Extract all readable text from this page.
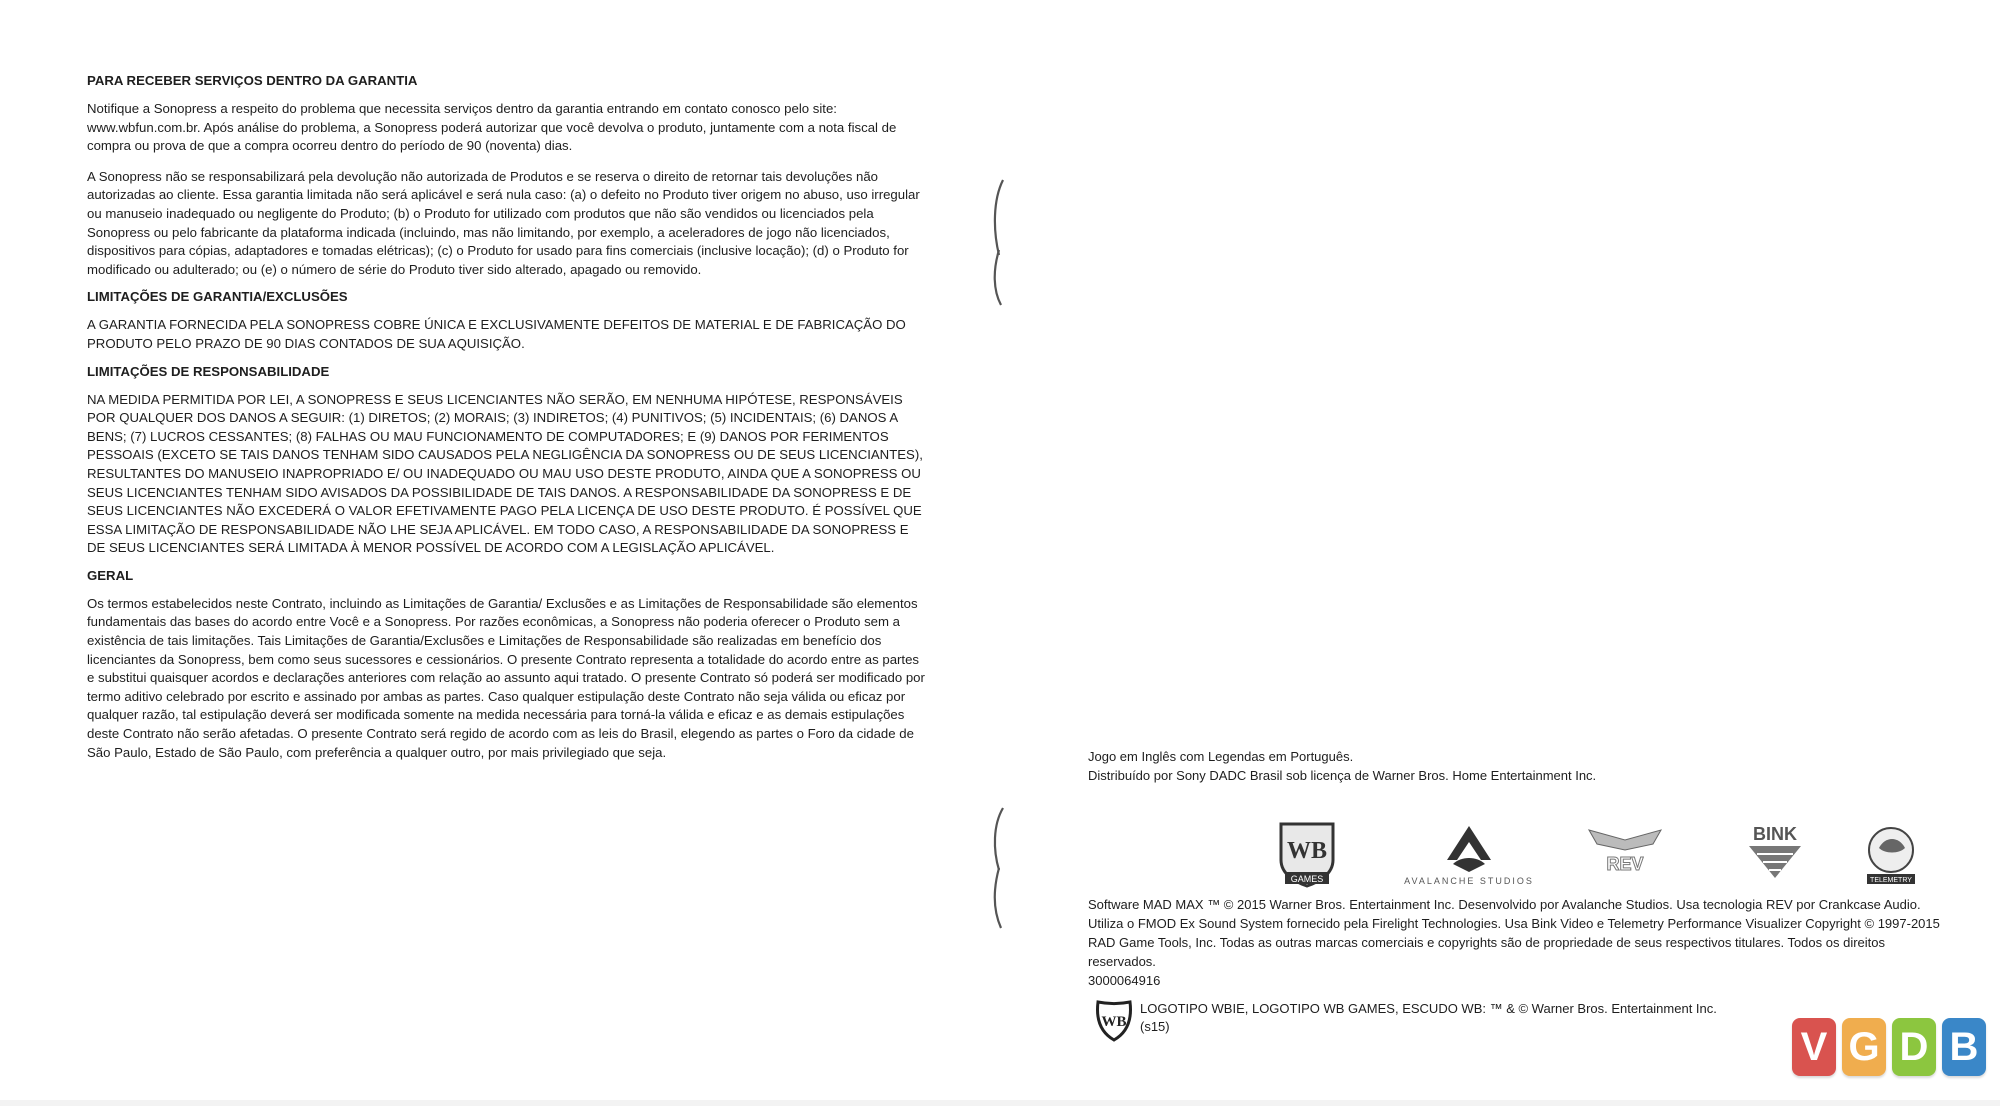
PARA RECEBER SERVIÇOS DENTRO DA GARANTIA

Notifique a Sonopress a respeito do problema que necessita serviços dentro da garantia entrando em contato conosco pelo site: www.wbfun.com.br. Após análise do problema, a Sonopress poderá autorizar que você devolva o produto, juntamente com a nota fiscal de compra ou prova de que a compra ocorreu dentro do período de 90 (noventa) dias.

A Sonopress não se responsabilizará pela devolução não autorizada de Produtos e se reserva o direito de retornar tais devoluções não autorizadas ao cliente. Essa garantia limitada não será aplicável e será nula caso: (a) o defeito no Produto tiver origem no abuso, uso irregular ou manuseio inadequado ou negligente do Produto; (b) o Produto for utilizado com produtos que não são vendidos ou licenciados pela Sonopress ou pelo fabricante da plataforma indicada (incluindo, mas não limitando, por exemplo, a aceleradores de jogo não licenciados, dispositivos para cópias, adaptadores e tomadas elétricas); (c) o Produto for usado para fins comerciais (inclusive locação); (d) o Produto for modificado ou adulterado; ou (e) o número de série do Produto tiver sido alterado, apagado ou removido.

LIMITAÇÕES DE GARANTIA/EXCLUSÕES

A GARANTIA FORNECIDA PELA SONOPRESS COBRE ÚNICA E EXCLUSIVAMENTE DEFEITOS DE MATERIAL E DE FABRICAÇÃO DO PRODUTO PELO PRAZO DE 90 DIAS CONTADOS DE SUA AQUISIÇÃO.

LIMITAÇÕES DE RESPONSABILIDADE

NA MEDIDA PERMITIDA POR LEI, A SONOPRESS E SEUS LICENCIANTES NÃO SERÃO, EM NENHUMA HIPÓTESE, RESPONSÁVEIS POR QUALQUER DOS DANOS A SEGUIR: (1) DIRETOS; (2) MORAIS; (3) INDIRETOS; (4) PUNITIVOS; (5) INCIDENTAIS; (6) DANOS A BENS; (7) LUCROS CESSANTES; (8) FALHAS OU MAU FUNCIONAMENTO DE COMPUTADORES; E (9) DANOS POR FERIMENTOS PESSOAIS (EXCETO SE TAIS DANOS TENHAM SIDO CAUSADOS PELA NEGLIGÊNCIA DA SONOPRESS OU DE SEUS LICENCIANTES), RESULTANTES DO MANUSEIO INAPROPRIADO E/ OU INADEQUADO OU MAU USO DESTE PRODUTO, AINDA QUE A SONOPRESS OU SEUS LICENCIANTES TENHAM SIDO AVISADOS DA POSSIBILIDADE DE TAIS DANOS. A RESPONSABILIDADE DA SONOPRESS E DE SEUS LICENCIANTES NÃO EXCEDERÁ O VALOR EFETIVAMENTE PAGO PELA LICENÇA DE USO DESTE PRODUTO. É POSSÍVEL QUE ESSA LIMITAÇÃO DE RESPONSABILIDADE NÃO LHE SEJA APLICÁVEL. EM TODO CASO, A RESPONSABILIDADE DA SONOPRESS E DE SEUS LICENCIANTES SERÁ LIMITADA À MENOR POSSÍVEL DE ACORDO COM A LEGISLAÇÃO APLICÁVEL.

GERAL

Os termos estabelecidos neste Contrato, incluindo as Limitações de Garantia/ Exclusões e as Limitações de Responsabilidade são elementos fundamentais das bases do acordo entre Você e a Sonopress. Por razões econômicas, a Sonopress não poderia oferecer o Produto sem a existência de tais limitações. Tais Limitações de Garantia/Exclusões e Limitações de Responsabilidade são realizadas em benefício dos licenciantes da Sonopress, bem como seus sucessores e cessionários. O presente Contrato representa a totalidade do acordo entre as partes e substitui quaisquer acordos e declarações anteriores com relação ao assunto aqui tratado. O presente Contrato só poderá ser modificado por termo aditivo celebrado por escrito e assinado por ambas as partes. Caso qualquer estipulação deste Contrato não seja válida ou eficaz por qualquer razão, tal estipulação deverá ser modificada somente na medida necessária para torná-la válida e eficaz e as demais estipulações deste Contrato não serão afetadas. O presente Contrato será regido de acordo com as leis do Brasil, elegendo as partes o Foro da cidade de São Paulo, Estado de São Paulo, com preferência a qualquer outro, por mais privilegiado que seja.	Jogo em Inglês com Legendas em Português.
Distribuído por Sony DADC Brasil sob licença de Warner Bros. Home Entertainment Inc.
WB
GAMES	AVALANCHE STUDIOS
REV
BINK
TELEMETRY
Software MAD MAX ™ © 2015 Warner Bros. Entertainment Inc. Desenvolvido por Avalanche Studios. Usa tecnologia REV por Crankcase Audio.
Utiliza o FMOD Ex Sound System fornecido pela Firelight Technologies. Usa Bink Video e Telemetry Performance Visualizer Copyright © 1997-2015
RAD Game Tools, Inc. Todas as outras marcas comerciais e copyrights são de propriedade de seus respectivos titulares. Todos os direitos reservados.
3000064916
WB
LOGOTIPO WBIE, LOGOTIPO WB GAMES, ESCUDO WB: ™ & © Warner Bros. Entertainment Inc.
(s15)	V G D B
